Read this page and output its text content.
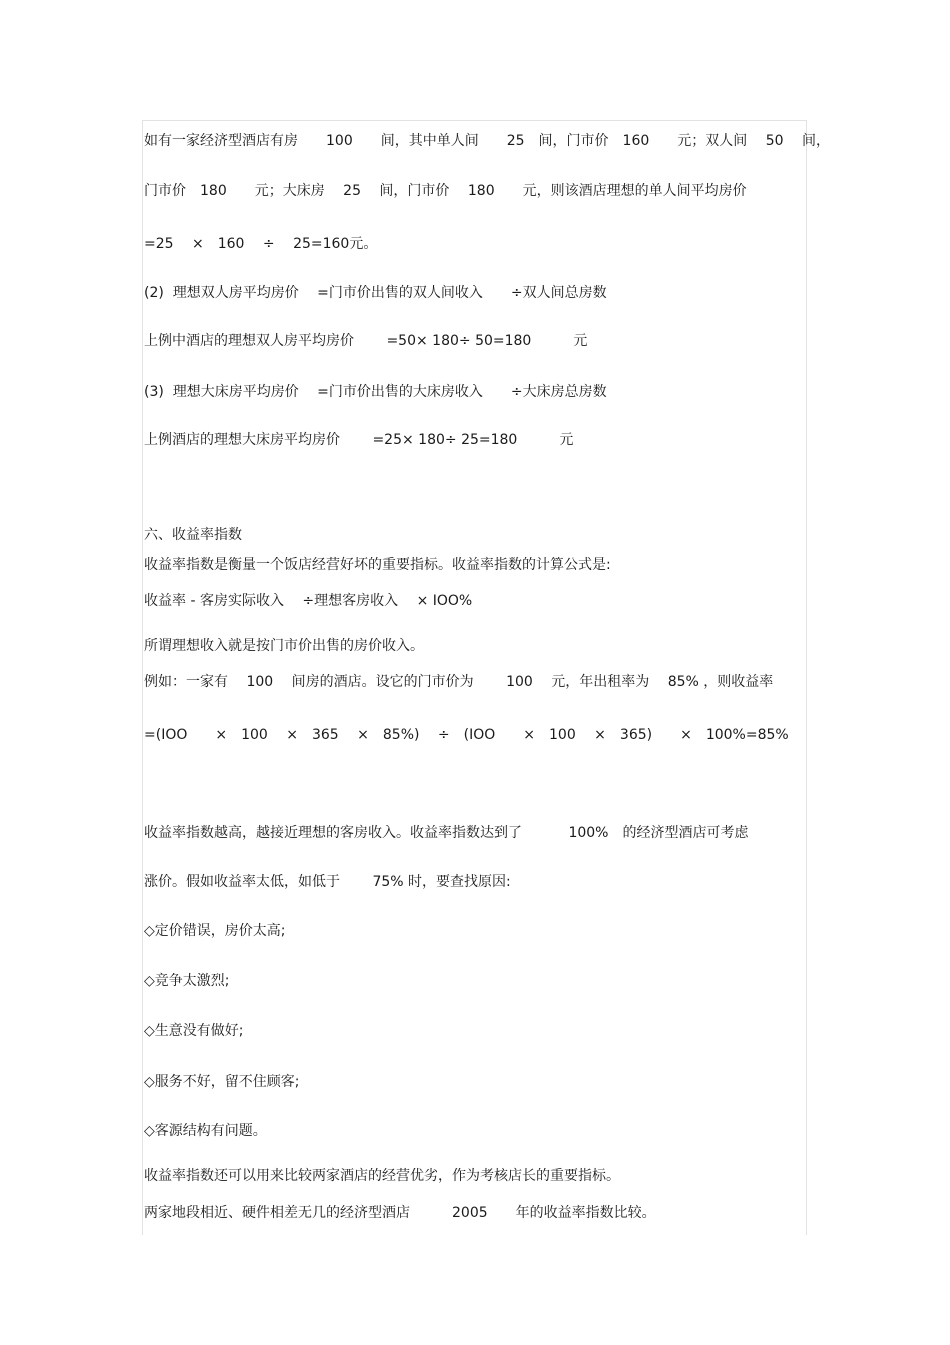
如有一家经济型酒店有房　　100　　间，其中单人间　　25　间，门市价　160　　元；双人间　 50　 间，
门市价　180　　元；大床房　 25　 间，门市价　 180　　元，则该酒店理想的单人间平均房价
=25　 ×　160　 ÷　 25=160元。
(2)  理想双人房平均房价　 =门市价出售的双人间收入　　÷双人间总房数
上例中酒店的理想双人房平均房价　　 =50× 180÷ 50=180　　　元
(3)  理想大床房平均房价　 =门市价出售的大床房收入　　÷大床房总房数
上例酒店的理想大床房平均房价　　 =25× 180÷ 25=180　　　元
六、收益率指数
收益率指数是衡量一个饭店经营好坏的重要指标。收益率指数的计算公式是:
收益率 - 客房实际收入　 ÷理想客房收入　 × IOO%
所谓理想收入就是按门市价出售的房价收入。
例如：一家有　 100　 间房的酒店。设它的门市价为　　 100　 元，年出租率为　 85% ，则收益率
=(IOO　　×　100　 ×　365　 ×　85%)　 ÷　(IOO　　×　100　 ×　365)　　×　100%=85%
收益率指数越高，越接近理想的客房收入。收益率指数达到了　　　 100%　的经济型酒店可考虑
涨价。假如收益率太低，如低于　　 75% 时，要查找原因:
◇定价错误，房价太高;
◇竞争太激烈;
◇生意没有做好;
◇服务不好，留不住顾客;
◇客源结构有问题。
收益率指数还可以用来比较两家酒店的经营优劣，作为考核店长的重要指标。
两家地段相近、硬件相差无几的经济型酒店　　　2005　　年的收益率指数比较。
